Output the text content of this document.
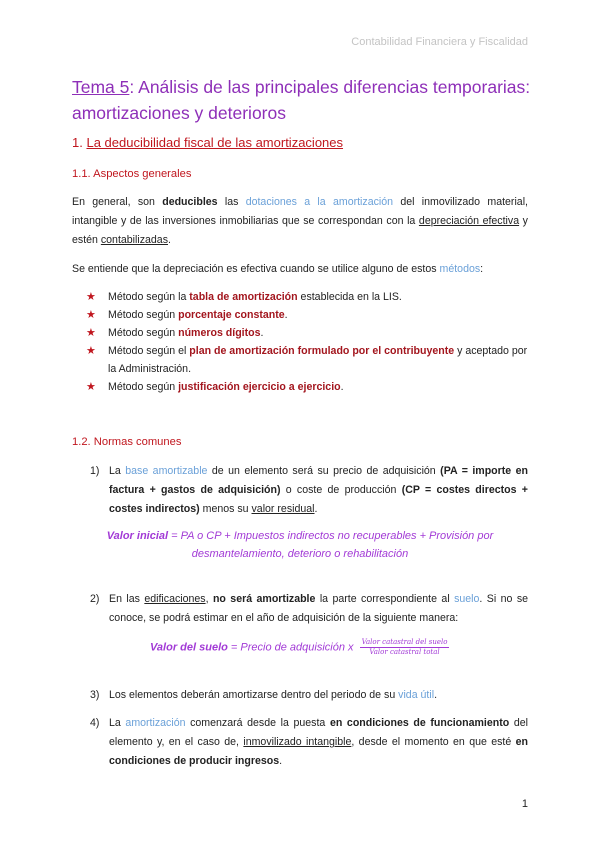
Contabilidad Financiera y Fiscalidad
Tema 5: Análisis de las principales diferencias temporarias: amortizaciones y deterioros
1. La deducibilidad fiscal de las amortizaciones
1.1. Aspectos generales
En general, son deducibles las dotaciones a la amortización del inmovilizado material, intangible y de las inversiones inmobiliarias que se correspondan con la depreciación efectiva y estén contabilizadas.
Se entiende que la depreciación es efectiva cuando se utilice alguno de estos métodos:
★ Método según la tabla de amortización establecida en la LIS.
★ Método según porcentaje constante.
★ Método según números dígitos.
★ Método según el plan de amortización formulado por el contribuyente y aceptado por la Administración.
★ Método según justificación ejercicio a ejercicio.
1.2. Normas comunes
1) La base amortizable de un elemento será su precio de adquisición (PA = importe en factura + gastos de adquisición) o coste de producción (CP = costes directos + costes indirectos) menos su valor residual.
Valor inicial = PA o CP + Impuestos indirectos no recuperables + Provisión por
desmantelamiento, deterioro o rehabilitación
2) En las edificaciones, no será amortizable la parte correspondiente al suelo. Si no se conoce, se podrá estimar en el año de adquisición de la siguiente manera:
Valor del suelo = Precio de adquisición x $\frac{\text{Valor catastral del suelo}}{\text{Valor catastral total}}$
3) Los elementos deberán amortizarse dentro del periodo de su vida útil.
4) La amortización comenzará desde la puesta en condiciones de funcionamiento del elemento y, en el caso de, inmovilizado intangible, desde el momento en que esté en condiciones de producir ingresos.
1
